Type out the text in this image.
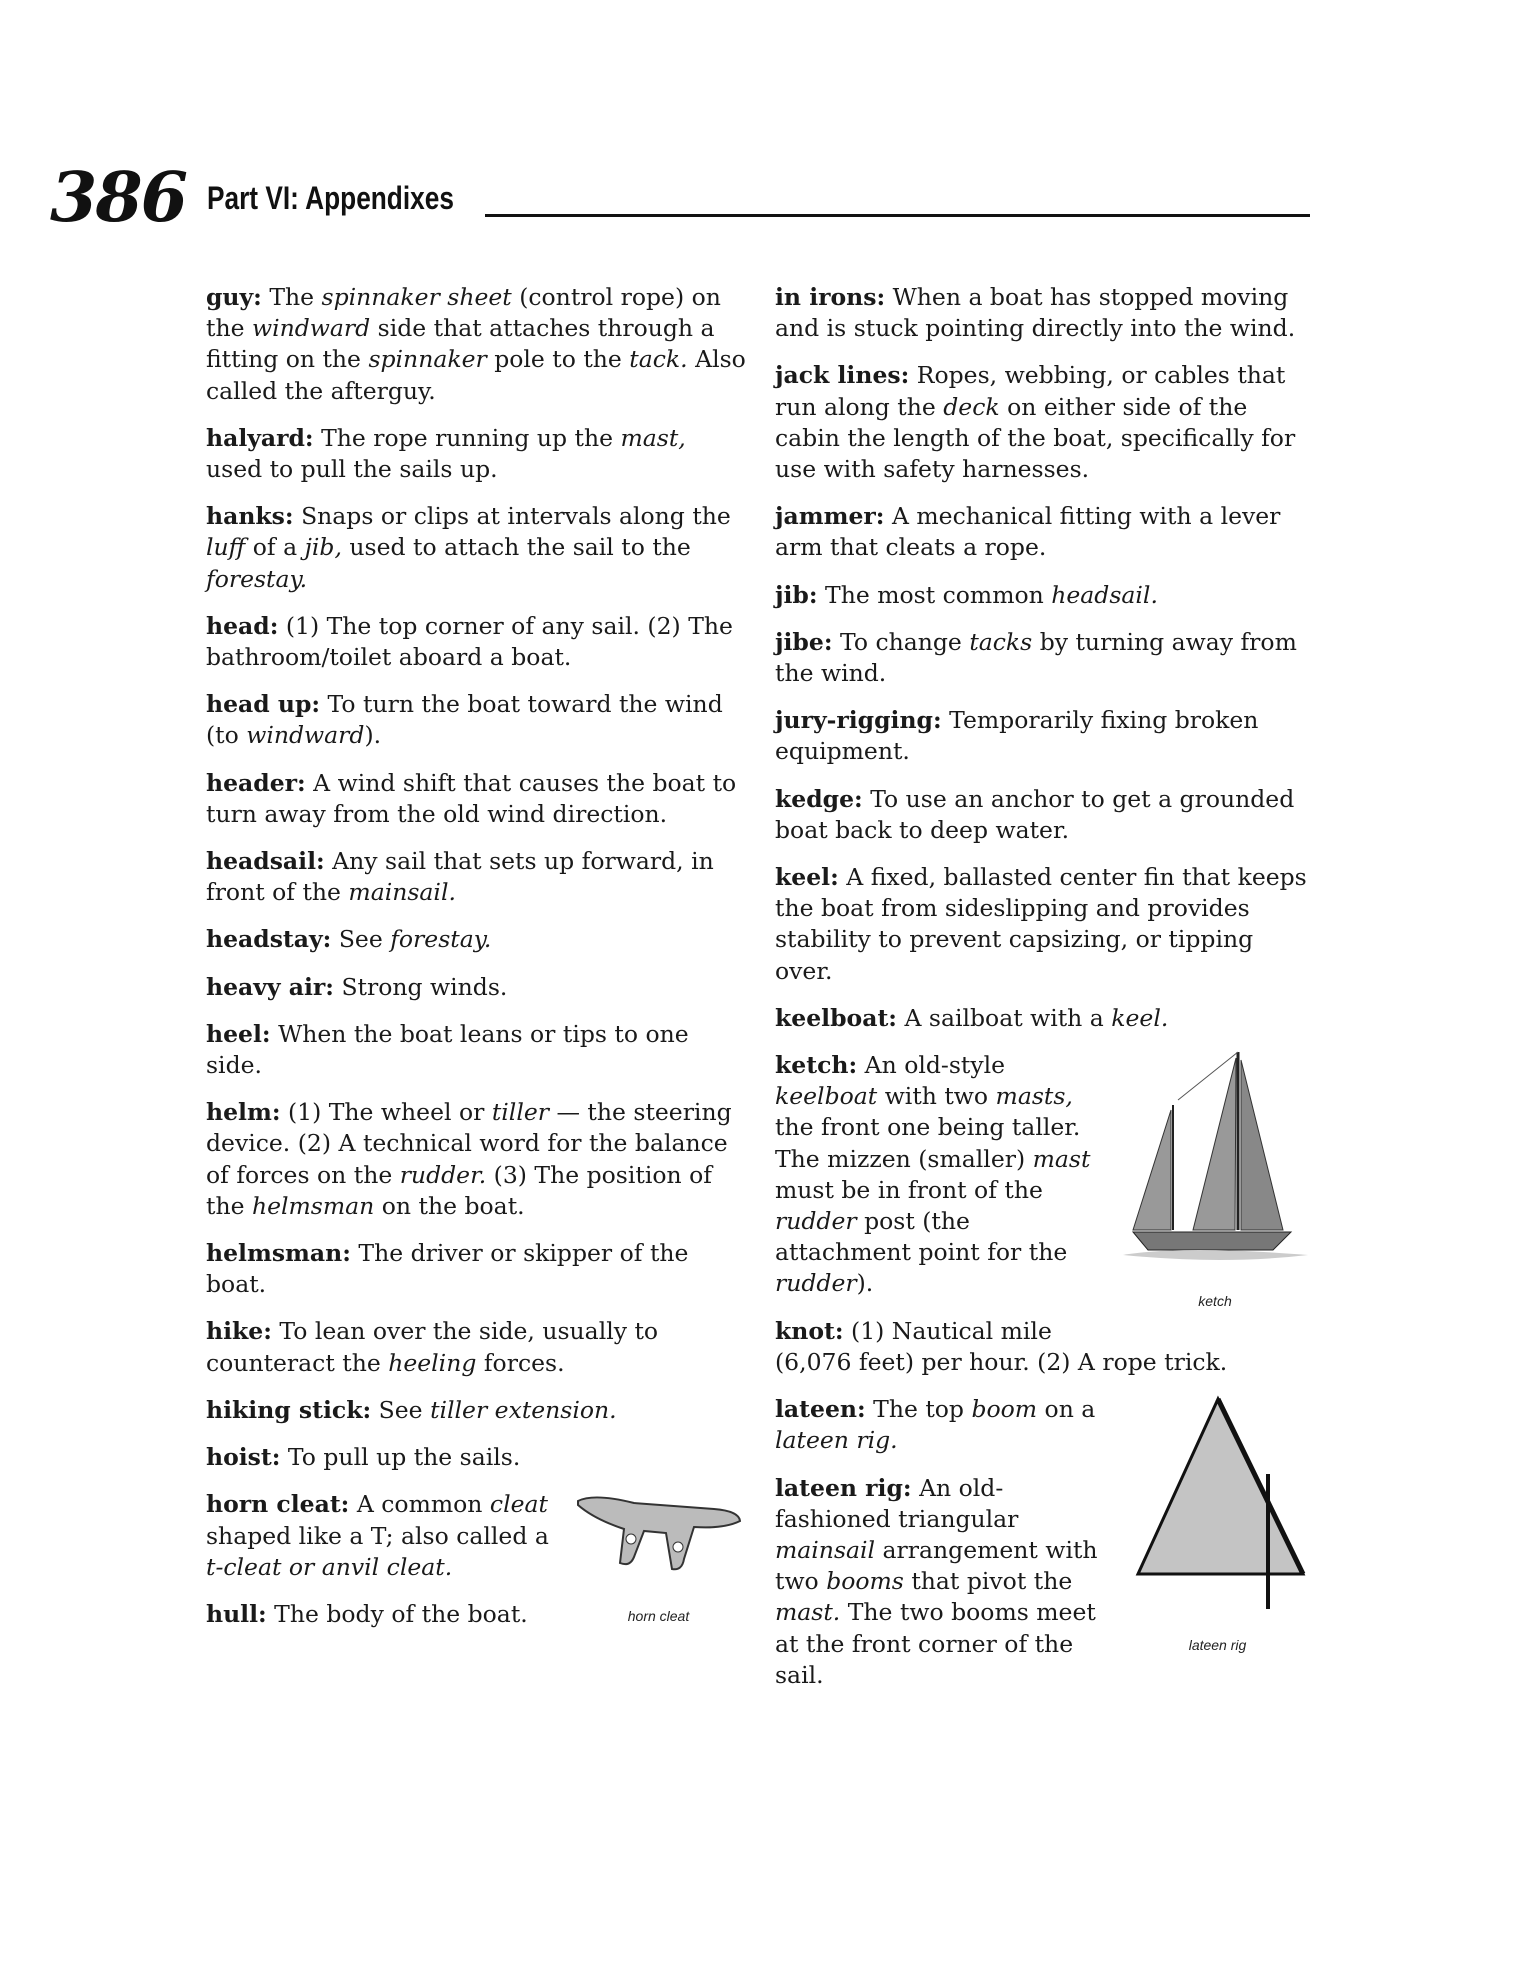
386 Part VI: Appendixes

guy: The spinnaker sheet (control rope) on the windward side that attaches through a fitting on the spinnaker pole to the tack. Also called the afterguy.

halyard: The rope running up the mast, used to pull the sails up.

hanks: Snaps or clips at intervals along the luff of a jib, used to attach the sail to the forestay.

head: (1) The top corner of any sail. (2) The bathroom/toilet aboard a boat.

head up: To turn the boat toward the wind (to windward).

header: A wind shift that causes the boat to turn away from the old wind direction.

headsail: Any sail that sets up forward, in front of the mainsail.

headstay: See forestay.

heavy air: Strong winds.

heel: When the boat leans or tips to one side.

helm: (1) The wheel or tiller — the steering device. (2) A technical word for the balance of forces on the rudder. (3) The position of the helmsman on the boat.

helmsman: The driver or skipper of the boat.

hike: To lean over the side, usually to counteract the heeling forces.

hiking stick: See tiller extension.

hoist: To pull up the sails.

horn cleat
horn cleat: A common cleat shaped like a T; also called a t-cleat or anvil cleat.

hull: The body of the boat.

in irons: When a boat has stopped moving and is stuck pointing directly into the wind.

jack lines: Ropes, webbing, or cables that run along the deck on either side of the cabin the length of the boat, specifically for use with safety harnesses.

jammer: A mechanical fitting with a lever arm that cleats a rope.

jib: The most common headsail.

jibe: To change tacks by turning away from the wind.

jury-rigging: Temporarily fixing broken equipment.

kedge: To use an anchor to get a grounded boat back to deep water.

keel: A fixed, ballasted center fin that keeps the boat from sideslipping and provides stability to prevent capsizing, or tipping over.

keelboat: A sailboat with a keel.

ketch
ketch: An old-style keelboat with two masts, the front one being taller. The mizzen (smaller) mast must be in front of the rudder post (the attachment point for the rudder).

knot: (1) Nautical mile (6,076 feet) per hour. (2) A rope trick.

lateen rig
lateen: The top boom on a lateen rig.

lateen rig: An old-fashioned triangular mainsail arrangement with two booms that pivot the mast. The two booms meet at the front corner of the sail.
